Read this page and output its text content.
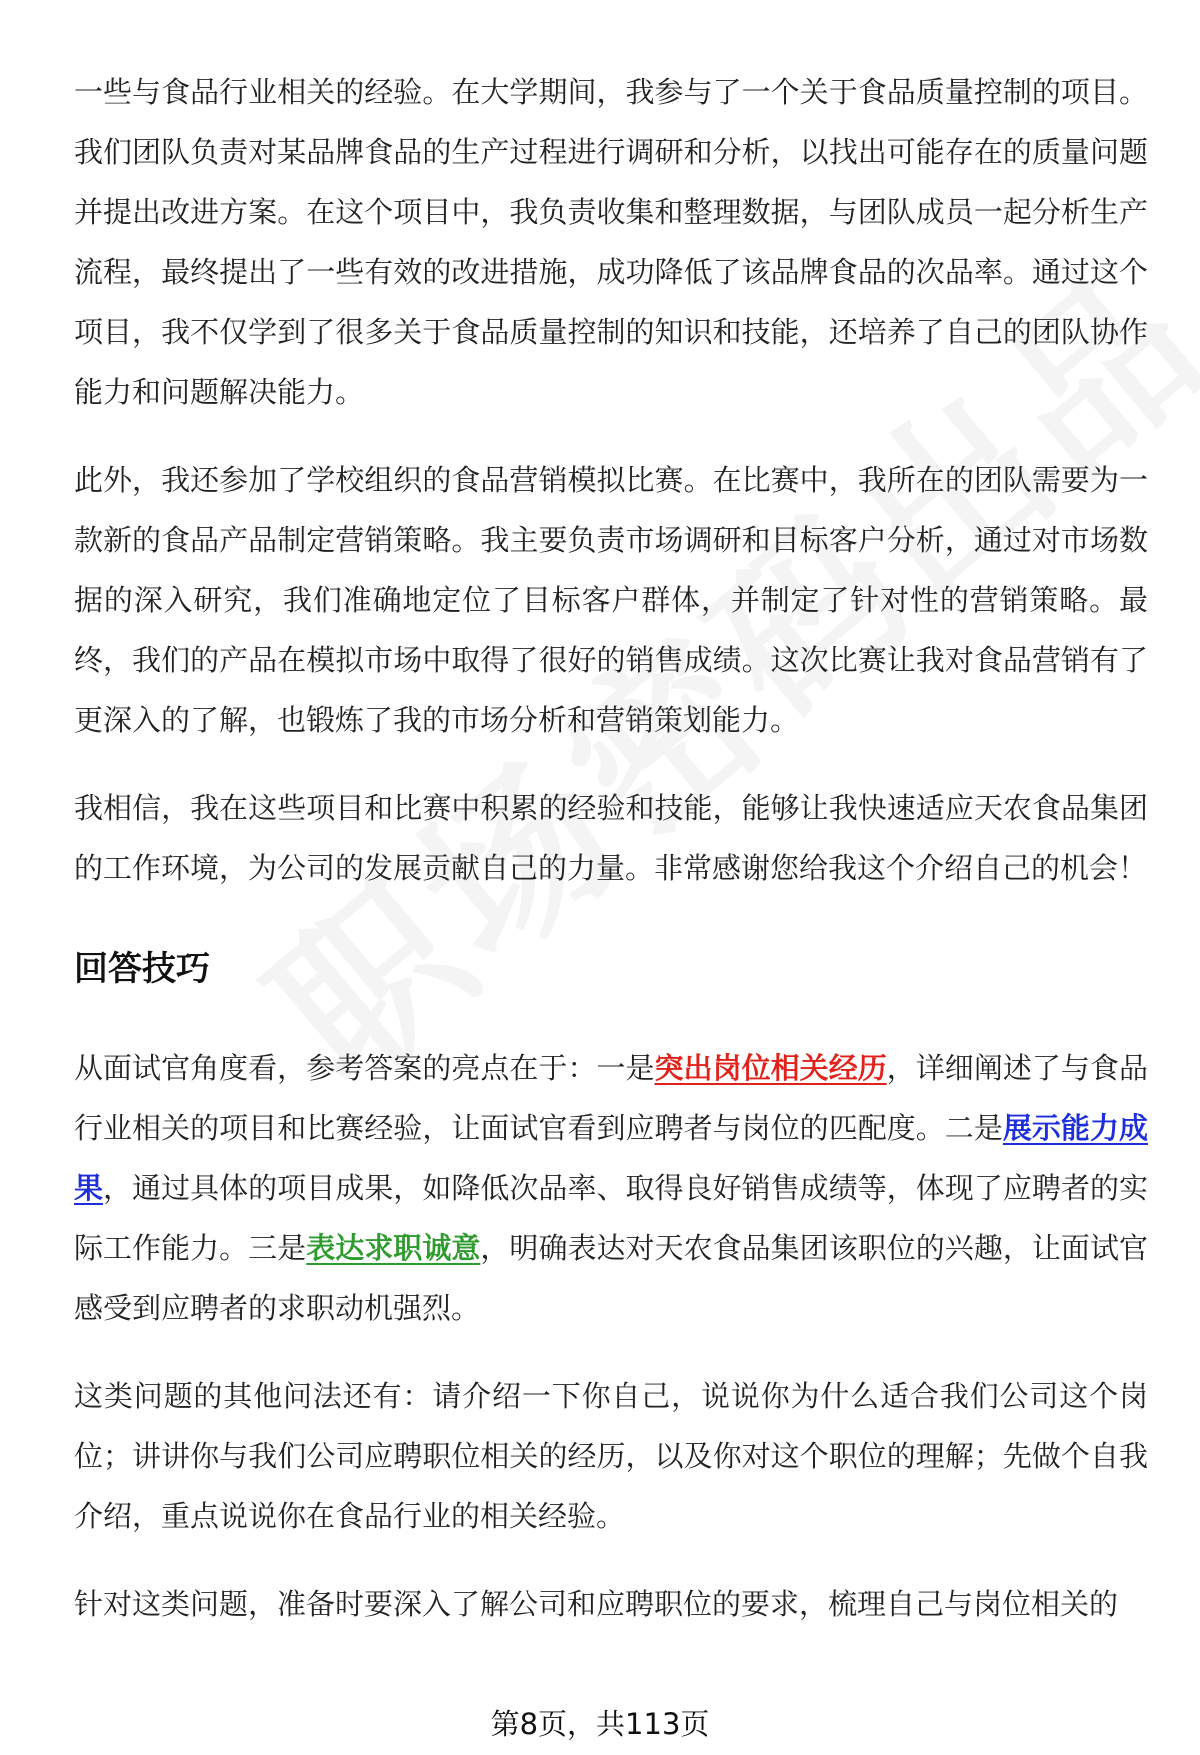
一些与食品行业相关的经验。在大学期间，我参与了一个关于食品质量控制的项目。我们团队负责对某品牌食品的生产过程进行调研和分析，以找出可能存在的质量问题并提出改进方案。在这个项目中，我负责收集和整理数据，与团队成员一起分析生产流程，最终提出了一些有效的改进措施，成功降低了该品牌食品的次品率。通过这个项目，我不仅学到了很多关于食品质量控制的知识和技能，还培养了自己的团队协作能力和问题解决能力。

此外，我还参加了学校组织的食品营销模拟比赛。在比赛中，我所在的团队需要为一款新的食品产品制定营销策略。我主要负责市场调研和目标客户分析，通过对市场数据的深入研究，我们准确地定位了目标客户群体，并制定了针对性的营销策略。最终，我们的产品在模拟市场中取得了很好的销售成绩。这次比赛让我对食品营销有了更深入的了解，也锻炼了我的市场分析和营销策划能力。

我相信，我在这些项目和比赛中积累的经验和技能，能够让我快速适应天农食品集团的工作环境，为公司的发展贡献自己的力量。非常感谢您给我这个介绍自己的机会！

回答技巧

从面试官角度看，参考答案的亮点在于：一是突出岗位相关经历，详细阐述了与食品行业相关的项目和比赛经验，让面试官看到应聘者与岗位的匹配度。二是展示能力成果，通过具体的项目成果，如降低次品率、取得良好销售成绩等，体现了应聘者的实际工作能力。三是表达求职诚意，明确表达对天农食品集团该职位的兴趣，让面试官感受到应聘者的求职动机强烈。

这类问题的其他问法还有：请介绍一下你自己，说说你为什么适合我们公司这个岗位；讲讲你与我们公司应聘职位相关的经历，以及你对这个职位的理解；先做个自我介绍，重点说说你在食品行业的相关经验。

针对这类问题，准备时要深入了解公司和应聘职位的要求，梳理自己与岗位相关的

第8页，共113页
